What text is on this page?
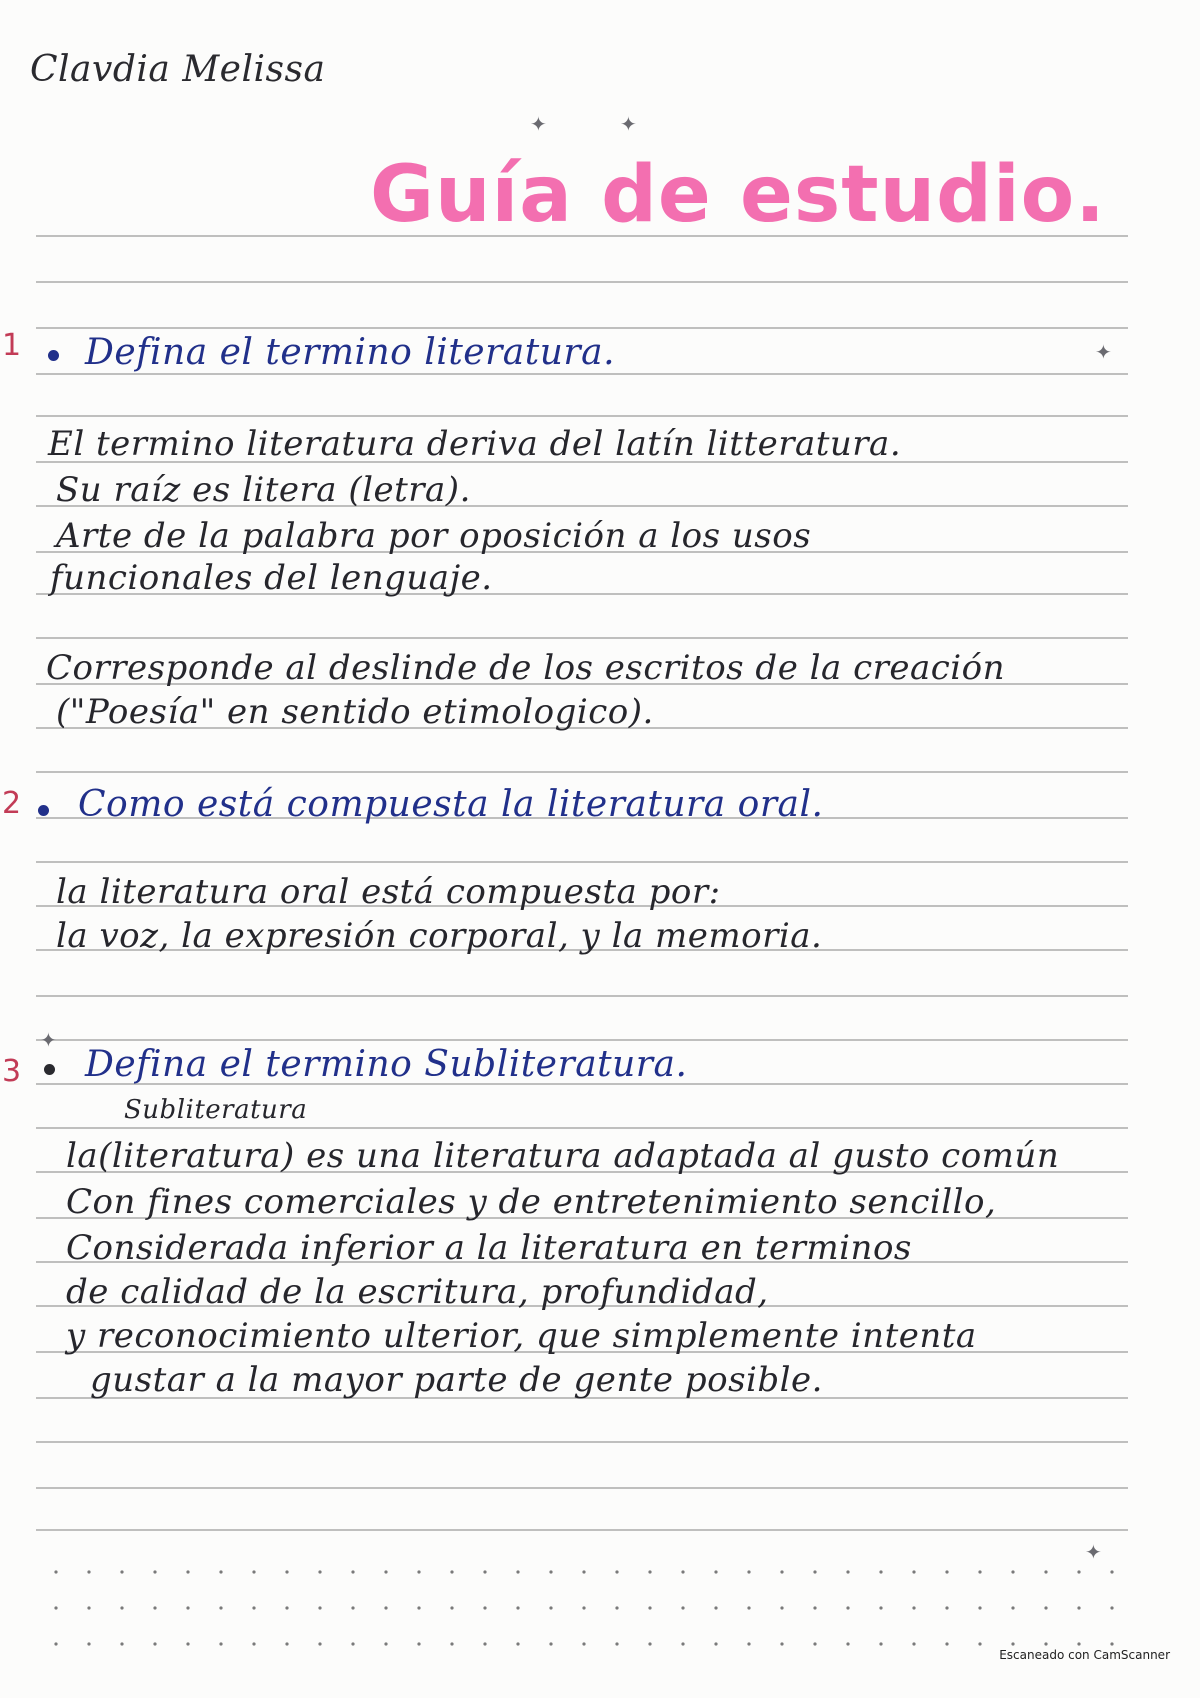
Clavdia Melissa

✦	✦

Guía de estudio.

1 Defina el termino literatura.	✦

El termino literatura deriva del latín litteratura.

Su raíz es litera (letra).

Arte de la palabra por oposición a los usos

funcionales del lenguaje.

Corresponde al deslinde de los escritos de la creación

("Poesía" en sentido etimologico).

2 Como está compuesta la literatura oral.

la literatura oral está compuesta por:

la voz, la expresión corporal, y la memoria.

✦

3 Defina el termino Subliteratura.

Subliteratura

la(literatura) es una literatura adaptada al gusto común

Con fines comerciales y de entretenimiento sencillo,

Considerada inferior a la literatura en terminos

de calidad de la escritura, profundidad,

y reconocimiento ulterior, que simplemente intenta

gustar a la mayor parte de gente posible.

✦

Escaneado con CamScanner
